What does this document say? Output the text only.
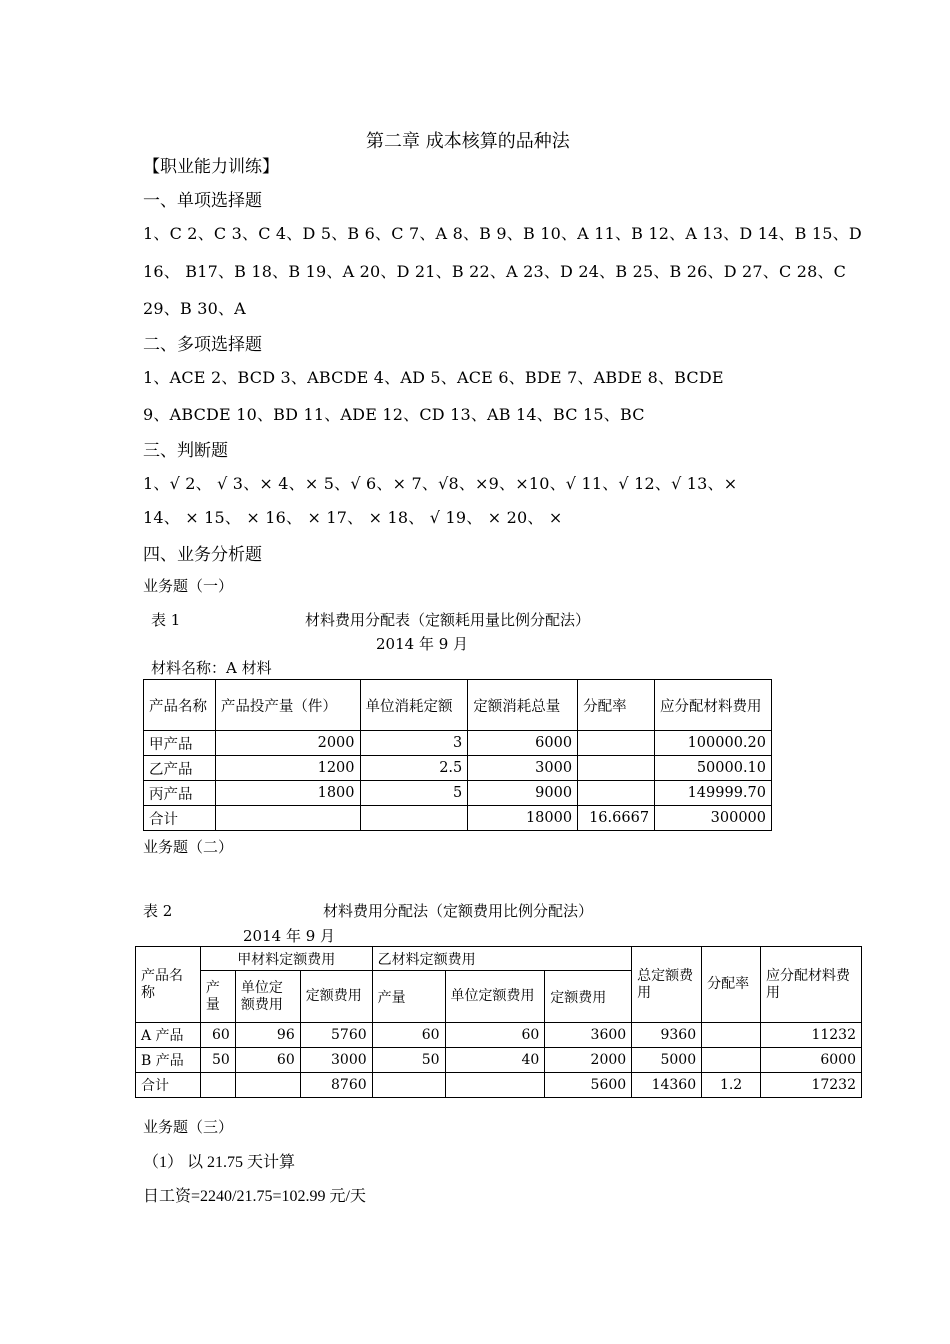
第二章 成本核算的品种法
【职业能力训练】
一、单项选择题
1、C 2、C 3、C 4、D 5、B 6、C 7、A 8、B 9、B 10、A 11、B 12、A 13、D 14、B 15、D
16、 B17、B 18、B 19、A 20、D 21、B 22、A 23、D 24、B 25、B 26、D 27、C 28、C
29、B 30、A
二、多项选择题
1、ACE 2、BCD 3、ABCDE 4、AD 5、ACE 6、BDE 7、ABDE 8、BCDE
9、ABCDE 10、BD 11、ADE 12、CD 13、AB 14、BC 15、BC
三、判断题
1、√ 2、 √ 3、× 4、× 5、√ 6、× 7、√8、×9、×10、√ 11、√ 12、√ 13、×
14、 × 15、 × 16、 × 17、 × 18、 √ 19、 × 20、 ×
四、业务分析题
业务题（一）
表 1	材料费用分配表（定额耗用量比例分配法）
2014 年 9 月
材料名称：A 材料
产品名称	产品投产量（件）	单位消耗定额	定额消耗总量	分配率	应分配材料费用
甲产品	2000	3	6000		100000.20
乙产品	1200	2.5	3000		50000.10
丙产品	1800	5	9000		149999.70
合计			18000	16.6667	300000
业务题（二）
表 2	材料费用分配法（定额费用比例分配法）
2014 年 9 月
产品名称	甲材料定额费用			乙材料定额费用			总定额费用	分配率	应分配材料费用
	产量	单位定额费用	定额费用	产量	单位定额费用	定额费用			
A 产品	60	96	5760	60	60	3600	9360		11232
B 产品	50	60	3000	50	40	2000	5000		6000
合计			8760			5600	14360	1.2	17232
业务题（三）
（1） 以 21.75 天计算
日工资=2240/21.75=102.99 元/天
